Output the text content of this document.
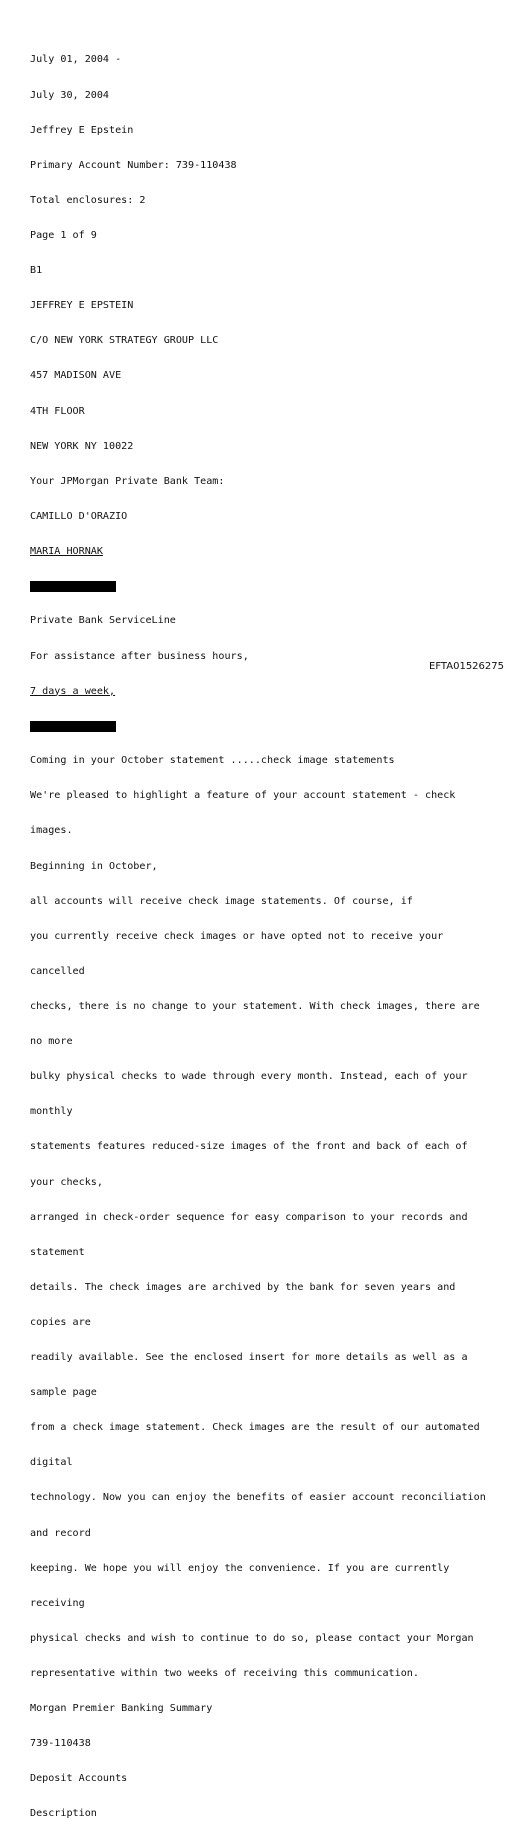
July 01, 2004 -

July 30, 2004

Jeffrey E Epstein

Primary Account Number: 739-110438

Total enclosures: 2

Page 1 of 9

B1

JEFFREY E EPSTEIN

C/O NEW YORK STRATEGY GROUP LLC

457 MADISON AVE

4TH FLOOR

NEW YORK NY 10022

Your JPMorgan Private Bank Team:

CAMILLO D'ORAZIO

MARIA HORNAK

Private Bank ServiceLine

For assistance after business hours,

7 days a week,

Coming in your October statement .....check image statements

We're pleased to highlight a feature of your account statement - check

images.

Beginning in October,

all accounts will receive check image statements. Of course, if

you currently receive check images or have opted not to receive your

cancelled

checks, there is no change to your statement. With check images, there are

no more

bulky physical checks to wade through every month. Instead, each of your

monthly

statements features reduced-size images of the front and back of each of

your checks,

arranged in check-order sequence for easy comparison to your records and

statement

details. The check images are archived by the bank for seven years and

copies are

readily available. See the enclosed insert for more details as well as a

sample page

from a check image statement. Check images are the result of our automated

digital

technology. Now you can enjoy the benefits of easier account reconciliation

and record

keeping. We hope you will enjoy the convenience. If you are currently

receiving

physical checks and wish to continue to do so, please contact your Morgan

representative within two weeks of receiving this communication.

Morgan Premier Banking Summary

739-110438

Deposit Accounts

Description

EFTA01526275
